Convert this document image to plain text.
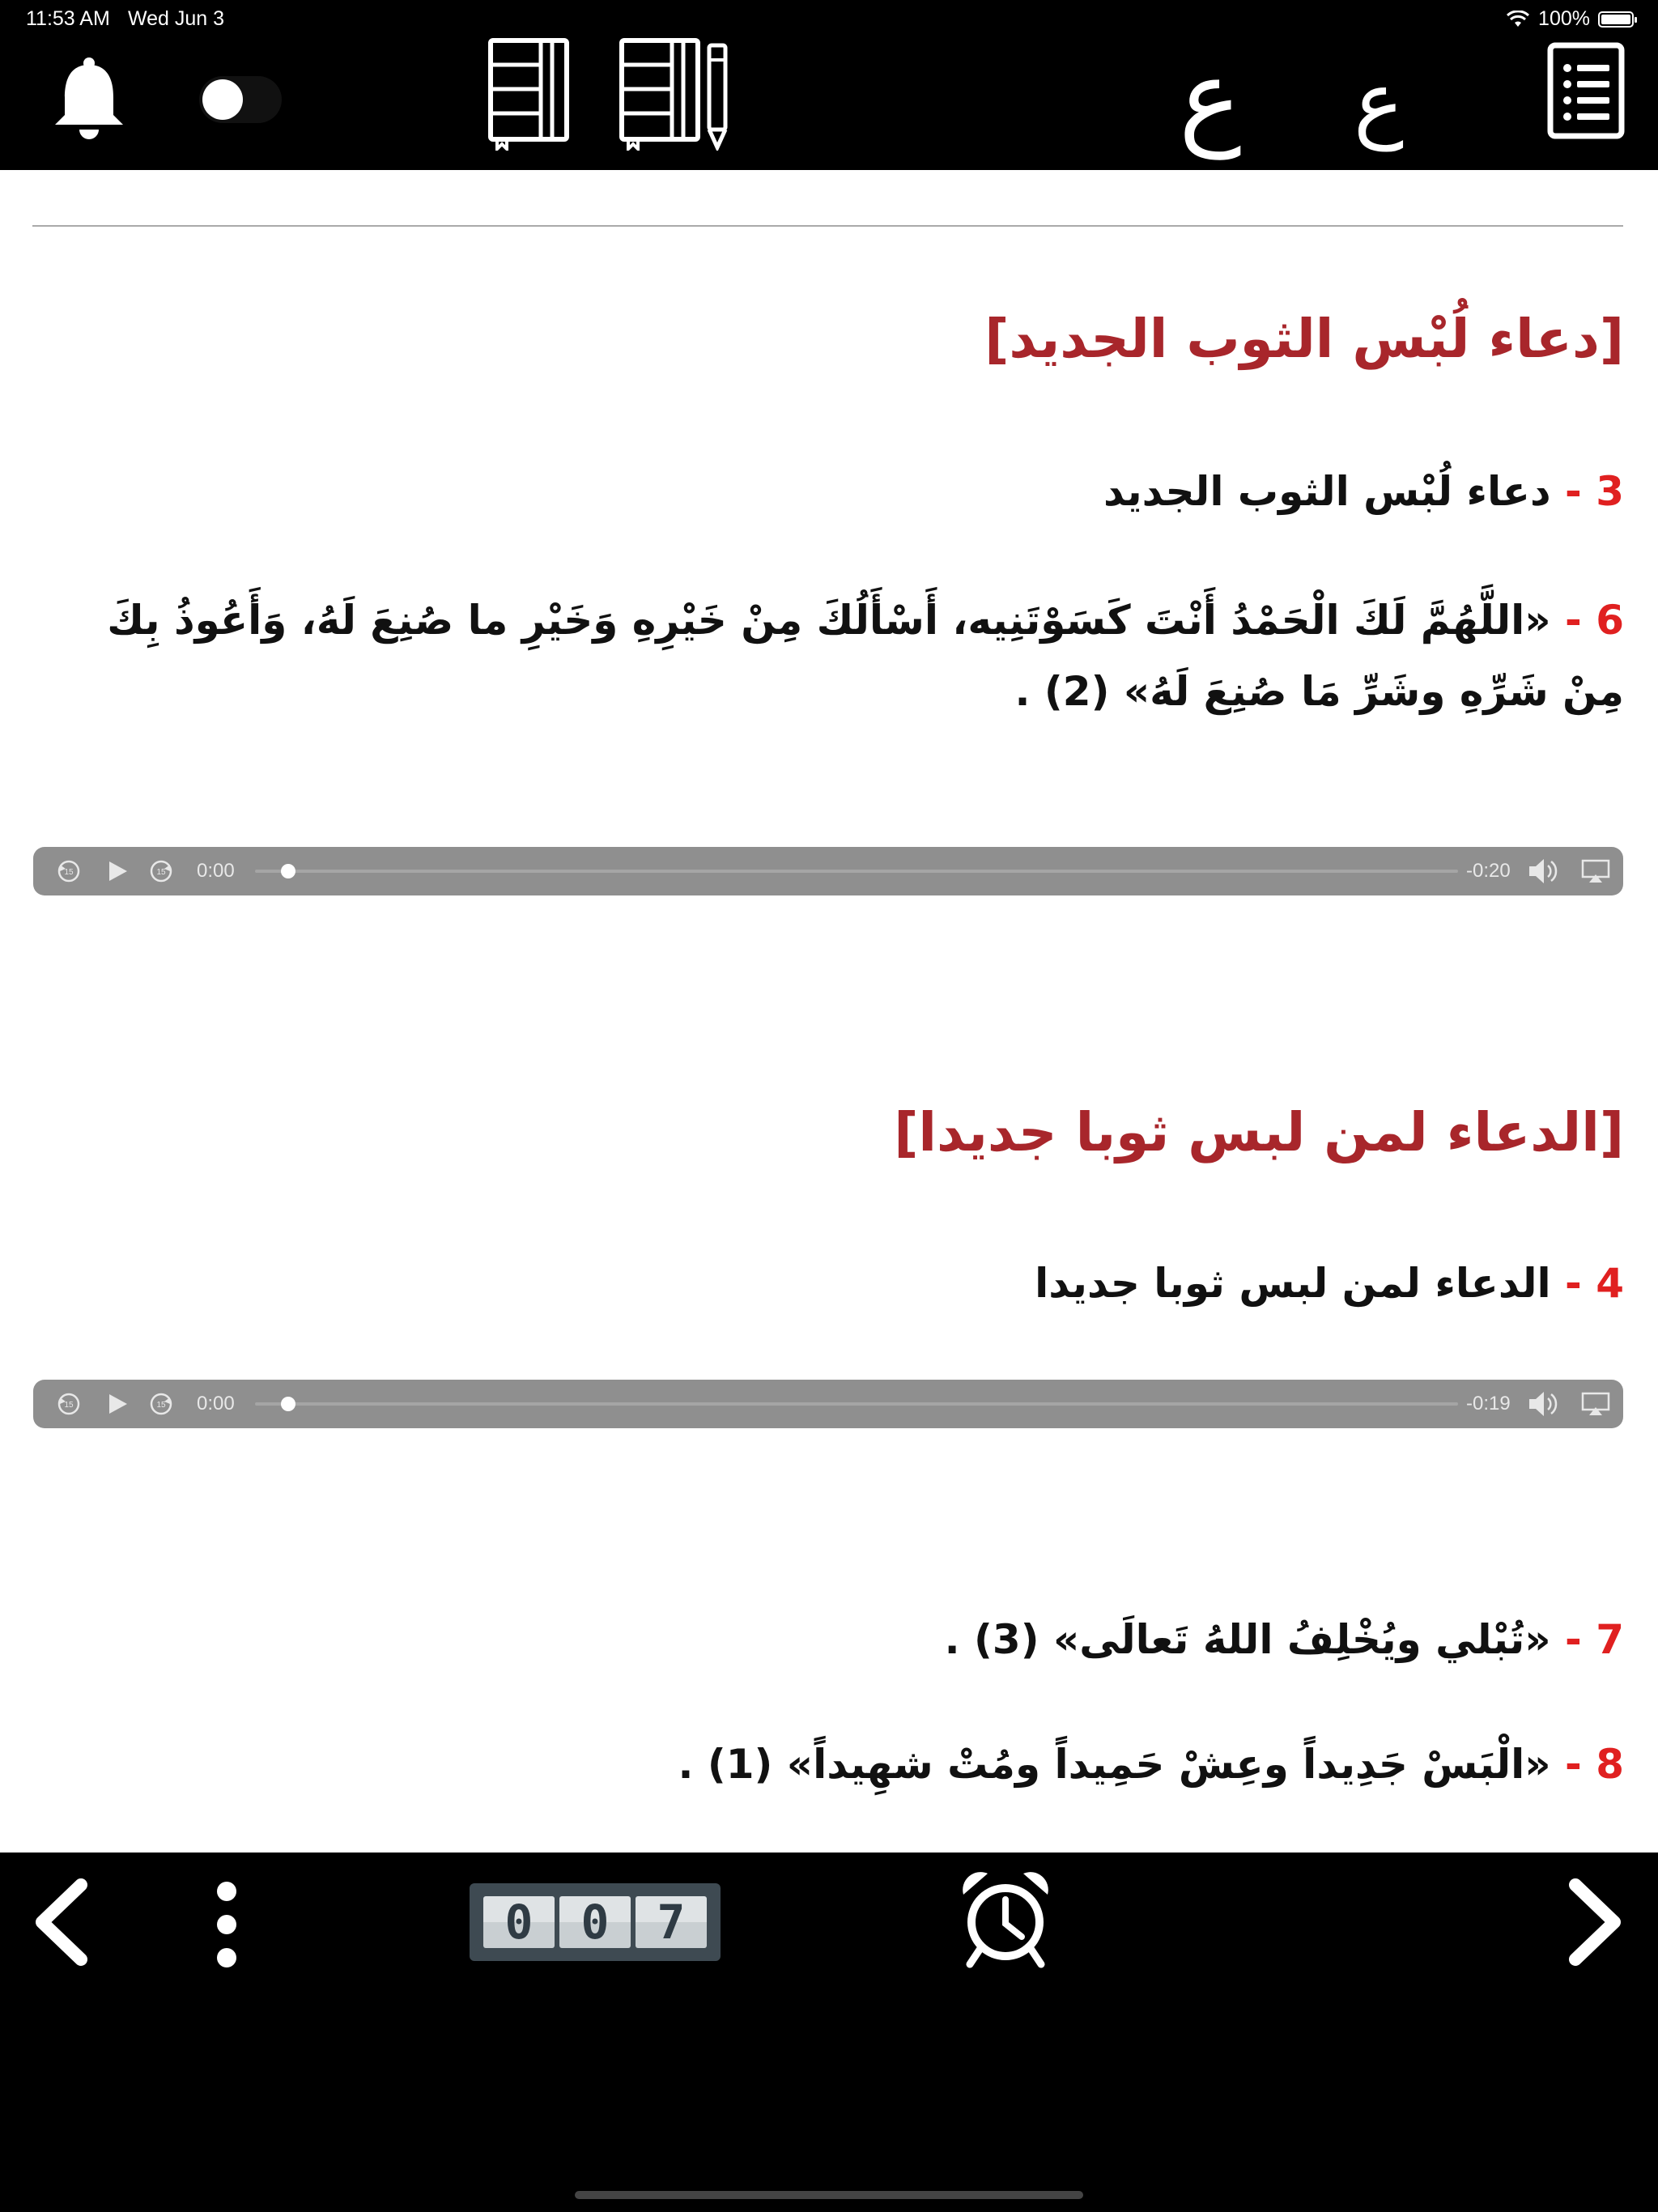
11:53 AM Wed Jun 3	100%
ع ع
[دعاء لُبْس الثوب الجديد]
3 - دعاء لُبْس الثوب الجديد
6 - «اللَّهُمَّ لَكَ الْحَمْدُ أَنْتَ كَسَوْتَنِيه، أَسْأَلُكَ مِنْ خَيْرِهِ وَخَيْرِ ما صُنِعَ لَهُ، وَأَعُوذُ بِكَ مِنْ شَرِّهِ وشَرِّ مَا صُنِعَ لَهُ» (2) .
15	15 0:00	-0:20
[الدعاء لمن لبس ثوبا جديدا]
4 - الدعاء لمن لبس ثوبا جديدا
15	15 0:00	-0:19
7 - «تُبْلي ويُخْلِفُ اللهُ تَعالَى» (3) .
8 - «الْبَسْ جَدِيداً وعِشْ حَمِيداً ومُتْ شهِيداً» (1) .
0	0	7
